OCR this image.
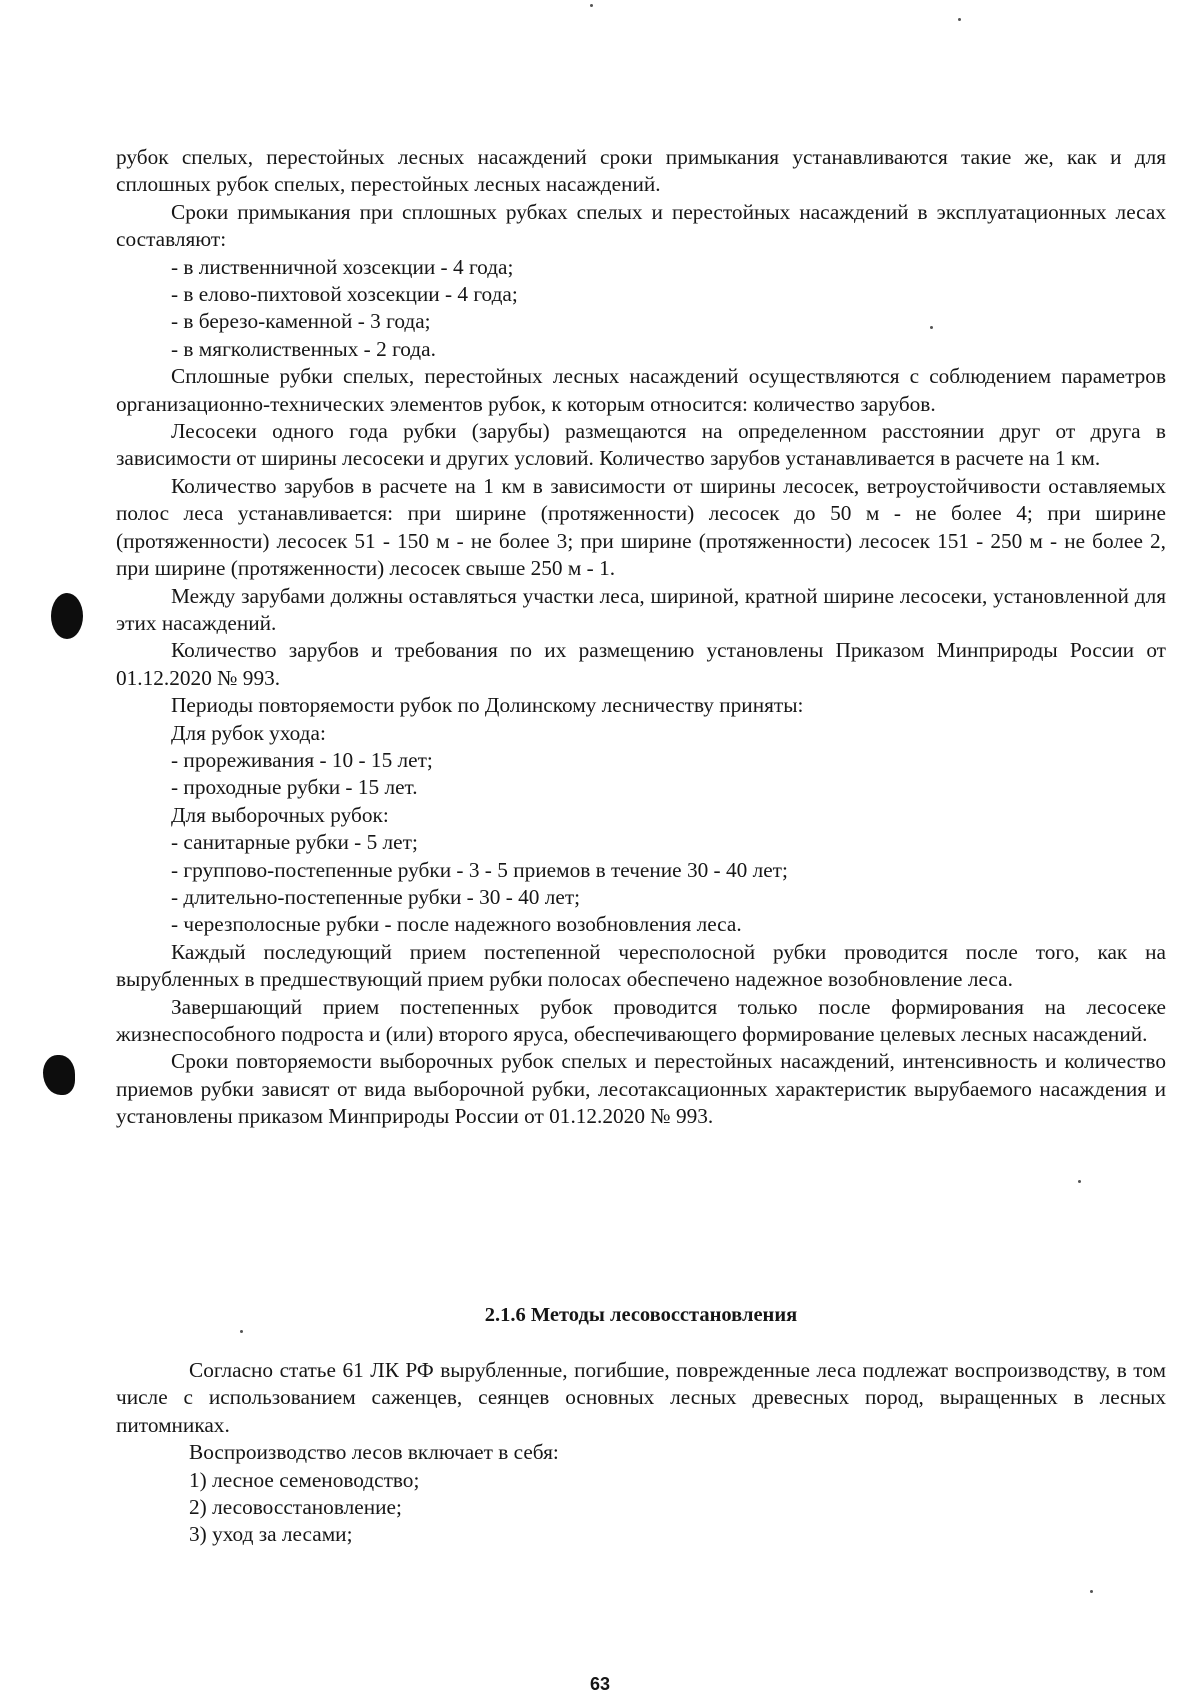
рубок спелых, перестойных лесных насаждений сроки примыкания устанавливаются такие же, как и для сплошных рубок спелых, перестойных лесных насаждений.

Сроки примыкания при сплошных рубках спелых и перестойных насаждений в эксплуатационных лесах составляют:

- в лиственничной хозсекции - 4 года;

- в елово-пихтовой хозсекции - 4 года;

- в березо-каменной - 3 года;

- в мягколиственных - 2 года.

Сплошные рубки спелых, перестойных лесных насаждений осуществляются с соблюдением параметров организационно-технических элементов рубок, к которым относится: количество зарубов.

Лесосеки одного года рубки (зарубы) размещаются на определенном расстоянии друг от друга в зависимости от ширины лесосеки и других условий. Количество зарубов устанавливается в расчете на 1 км.

Количество зарубов в расчете на 1 км в зависимости от ширины лесосек, ветроустойчивости оставляемых полос леса устанавливается: при ширине (протяженности) лесосек до 50 м - не более 4; при ширине (протяженности) лесосек 51 - 150 м - не более 3; при ширине (протяженности) лесосек 151 - 250 м - не более 2, при ширине (протяженности) лесосек свыше 250 м - 1.

Между зарубами должны оставляться участки леса, шириной, кратной ширине лесосеки, установленной для этих насаждений.

Количество зарубов и требования по их размещению установлены Приказом Минприроды России от 01.12.2020 № 993.

Периоды повторяемости рубок по Долинскому лесничеству приняты:

Для рубок ухода:

- прореживания - 10 - 15 лет;

- проходные рубки - 15 лет.

Для выборочных рубок:

- санитарные рубки - 5 лет;

- группово-постепенные рубки - 3 - 5 приемов в течение 30 - 40 лет;

- длительно-постепенные рубки - 30 - 40 лет;

- черезполосные рубки - после надежного возобновления леса.

Каждый последующий прием постепенной чересполосной рубки проводится после того, как на вырубленных в предшествующий прием рубки полосах обеспечено надежное возобновление леса.

Завершающий прием постепенных рубок проводится только после формирования на лесосеке жизнеспособного подроста и (или) второго яруса, обеспечивающего формирование целевых лесных насаждений.

Сроки повторяемости выборочных рубок спелых и перестойных насаждений, интенсивность и количество приемов рубки зависят от вида выборочной рубки, лесотаксационных характеристик вырубаемого насаждения и установлены приказом Минприроды России от 01.12.2020 № 993.

2.1.6 Методы лесовосстановления

Согласно статье 61 ЛК РФ вырубленные, погибшие, поврежденные леса подлежат воспроизводству, в том числе с использованием саженцев, сеянцев основных лесных древесных пород, выращенных в лесных питомниках.

Воспроизводство лесов включает в себя:

1) лесное семеноводство;

2) лесовосстановление;

3) уход за лесами;

63
